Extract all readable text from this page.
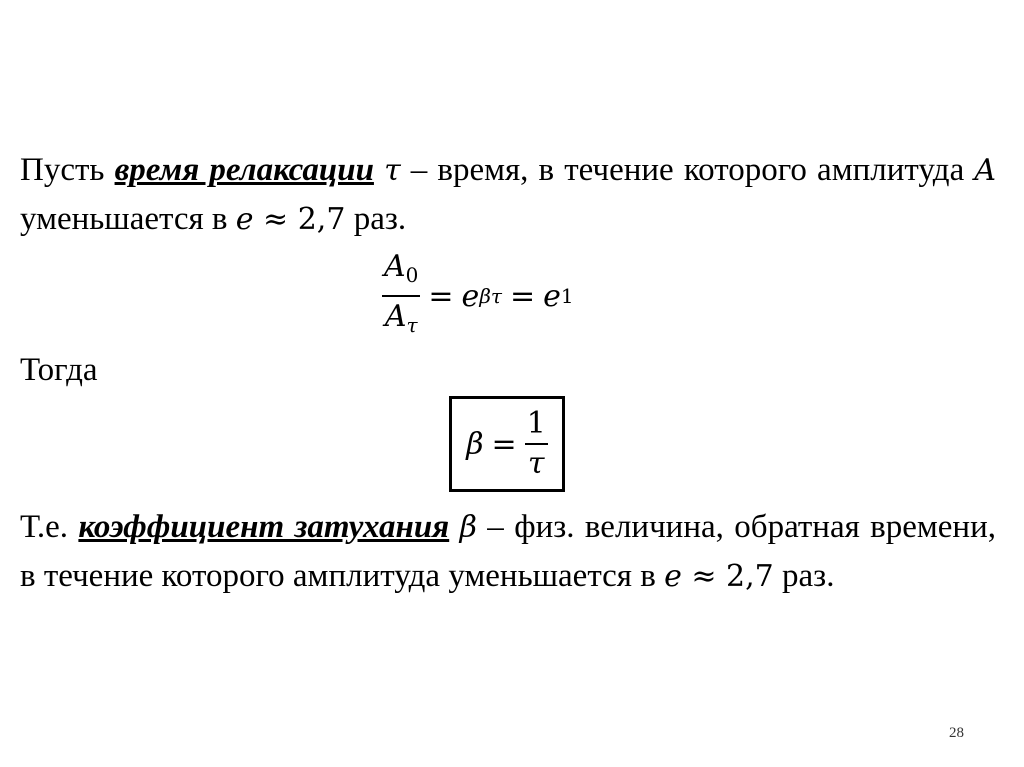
Пусть время релаксации τ – время, в течение которого амплитуда A уменьшается в e ≈ 2,7 раз.
$\frac{A_0}{A_\tau} = e$ βτ = e 1
Тогда
$\beta = \frac{1}{\tau}$
Т.е. коэффициент затухания β – физ. величина, обратная времени, в течение которого амплитуда уменьшается в e ≈ 2,7 раз.
28
